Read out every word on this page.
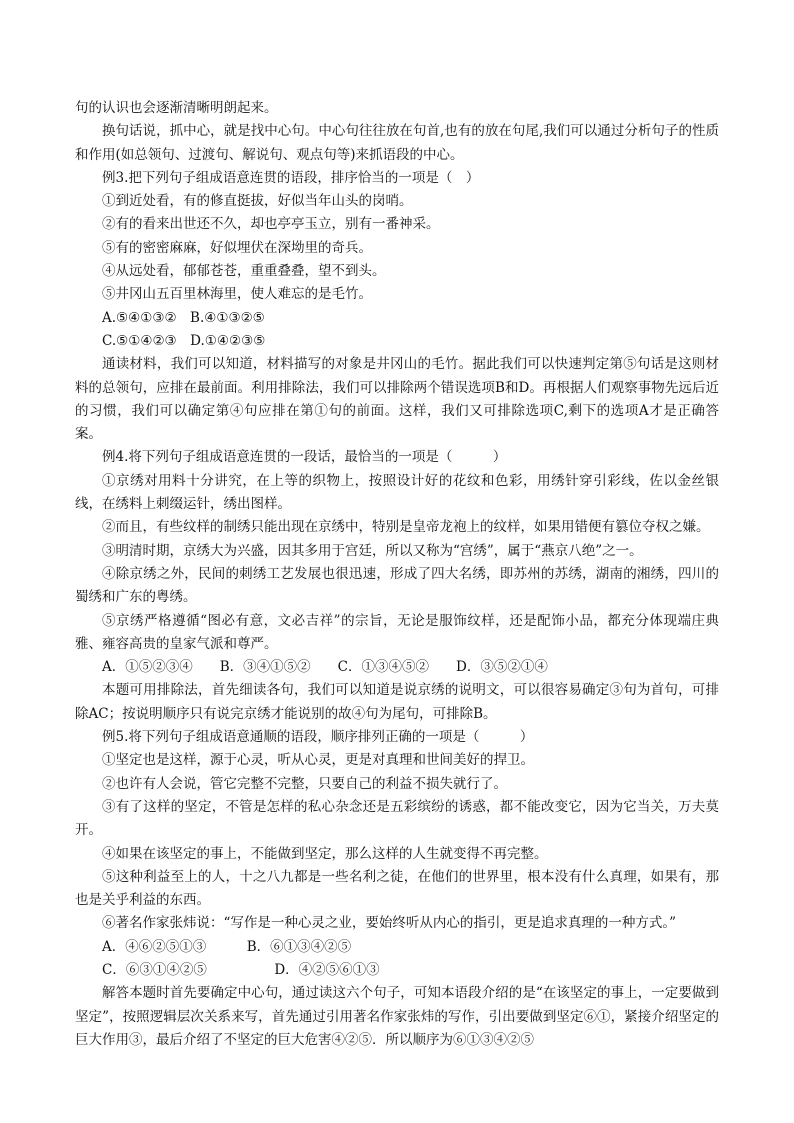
句的认识也会逐渐清晰明朗起来。

换句话说，抓中心，就是找中心句。中心句往往放在句首,也有的放在句尾,我们可以通过分析句子的性质和作用(如总领句、过渡句、解说句、观点句等)来抓语段的中心。

例3.把下列句子组成语意连贯的语段，排序恰当的一项是（　）

①到近处看，有的修直挺拔，好似当年山头的岗哨。

②有的看来出世还不久，却也亭亭玉立，别有一番神采。

⑤有的密密麻麻，好似埋伏在深坳里的奇兵。

④从远处看，郁郁苍苍，重重叠叠，望不到头。

⑤井冈山五百里林海里，使人难忘的是毛竹。

A.⑤④①③②　B.④①③②⑤

C.⑤①④②③　D.①④②③⑤

通读材料，我们可以知道，材料描写的对象是井冈山的毛竹。据此我们可以快速判定第⑤句话是这则材料的总领句，应排在最前面。利用排除法，我们可以排除两个错误选项B和D。再根据人们观察事物先远后近的习惯，我们可以确定第④句应排在第①句的前面。这样，我们又可排除选项C,剩下的选项A才是正确答案。

例4.将下列句子组成语意连贯的一段话，最恰当的一项是（　　　）

①京绣对用料十分讲究，在上等的织物上，按照设计好的花纹和色彩，用绣针穿引彩线，佐以金丝银线，在绣料上刺缀运针，绣出图样。

②而且，有些纹样的制绣只能出现在京绣中，特别是皇帝龙袍上的纹样，如果用错便有篡位夺权之嫌。

③明清时期，京绣大为兴盛，因其多用于宫廷，所以又称为“宫绣”，属于“燕京八绝”之一。

④除京绣之外，民间的刺绣工艺发展也很迅速，形成了四大名绣，即苏州的苏绣，湖南的湘绣，四川的蜀绣和广东的粤绣。

⑤京绣严格遵循“图必有意，文必吉祥”的宗旨，无论是服饰纹样，还是配饰小品，都充分体现端庄典雅、雍容高贵的皇家气派和尊严。

A．①⑤②③④　　B．③④①⑤②　　C．①③④⑤②　　D．③⑤②①④

本题可用排除法，首先细读各句，我们可以知道是说京绣的说明文，可以很容易确定③句为首句，可排除AC；按说明顺序只有说完京绣才能说别的故④句为尾句，可排除B。

例5.将下列句子组成语意通顺的语段，顺序排列正确的一项是（　　　）

①坚定也是这样，源于心灵，听从心灵，更是对真理和世间美好的捍卫。

②也许有人会说，管它完整不完整，只要自己的利益不损失就行了。

③有了这样的坚定，不管是怎样的私心杂念还是五彩缤纷的诱惑，都不能改变它，因为它当关，万夫莫开。

④如果在该坚定的事上，不能做到坚定，那么这样的人生就变得不再完整。

⑤这种利益至上的人，十之八九都是一些名利之徒，在他们的世界里，根本没有什么真理，如果有，那也是关乎利益的东西。

⑥著名作家张炜说：“写作是一种心灵之业，要始终听从内心的指引，更是追求真理的一种方式。”

A．④⑥②⑤①③　　　B．⑥①③④②⑤

C．⑥③①④②⑤　　　　　D．④②⑤⑥①③

解答本题时首先要确定中心句，通过读这六个句子，可知本语段介绍的是“在该坚定的事上，一定要做到坚定”，按照逻辑层次关系来写，首先通过引用著名作家张炜的写作，引出要做到坚定⑥①，紧接介绍坚定的巨大作用③，最后介绍了不坚定的巨大危害④②⑤．所以顺序为⑥①③④②⑤
